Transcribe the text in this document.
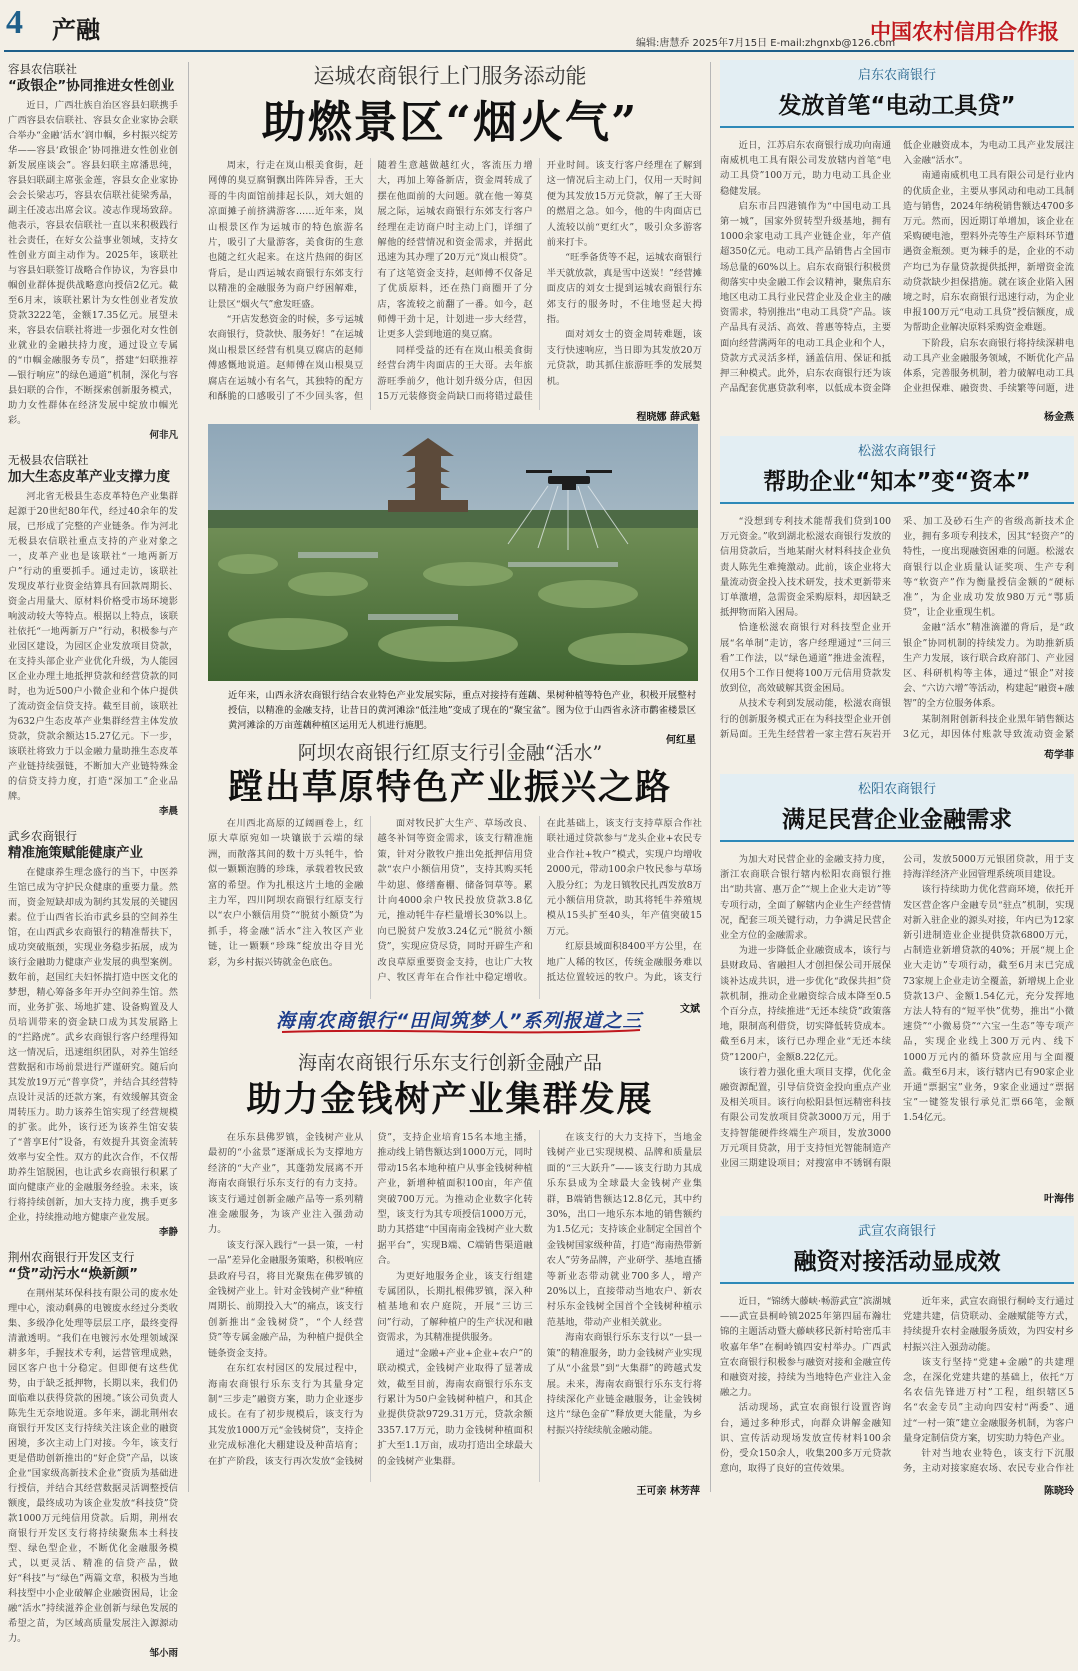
4 产融	编辑:唐慧乔 2025年7月15日 E-mail:zhgnxb@126.com
中国农村信用合作报

容县农信联社

“政银企”协同推进女性创业

近日，广西壮族自治区容县妇联携手广西容县农信联社、容县女企业家协会联合举办“金融‘活水’润巾帼，乡村振兴绽芳华——容县‘政银企’协同推进女性创业创新发展座谈会”。容县妇联主席潘思纯，容县妇联副主席张金莲，容县女企业家协会会长梁志巧，容县农信联社徒梁秀晶，副主任凌志出席会议。凌志作现场致辞。他表示，容县农信联社一直以来积极践行社会责任，在好女公益事业领域，支持女性创业方面主动作为。2025年，该联社与容县妇联签订战略合作协议，为容县巾帼创业群体提供战略意向授信2亿元。截至6月末，该联社累计为女性创业者发放贷款3222笔，金额17.35亿元。展望未来，容县农信联社将进一步强化对女性创业就业的金融扶持力度，通过设立专属的“巾帼金融服务专员”，搭建“妇联推荐—银行响应”的绿色通道”机制，深化与容县妇联的合作，不断探索创新服务模式，助力女性群体在经济发展中绽放巾帼光彩。

何非凡

无极县农信联社

加大生态皮革产业支撑力度

河北省无极县生态皮革特色产业集群起源于20世纪80年代，经过40余年的发展，已形成了完整的产业链条。作为河北无极县农信联社重点支持的产业对象之一，皮革产业也是该联社“一地两新万户”行动的重要抓手。通过走访，该联社发现皮革行业资金结算具有回款周期长、资金占用量大、原材料价格受市场环境影响波动较大等特点。根据以上特点，该联社依托“一地两新万户”行动，积极参与产业园区建设，为园区企业发放项目贷款，在支持头部企业产业优化升级，为人能园区企业办理土地抵押贷款和经营贷款的同时，也为近500户小微企业和个体户提供了流动资金信贷支持。截至目前，该联社为632户生态皮革产业集群经营主体发放贷款，贷款余额达15.27亿元。下一步，该联社将致力于以金融力量助推生态皮革产业链持续强链，不断加大产业链特殊金的信贷支持力度，打造“深加工”企业品牌。

李晨

武乡农商银行

精准施策赋能健康产业

在健康养生理念盛行的当下，中医养生馆已成为守护民众健康的重要力量。然而，资金短缺却成为制约其发展的关键因素。位于山西省长治市武乡县的空间养生馆，在山西武乡农商银行的精准帮扶下，成功突破瓶颈，实现业务稳步拓展，成为该行金融助力健康产业发展的典型案例。数年前，赵国红夫妇怀揣打造中医文化的梦想，精心筹备多年开办空间养生馆。然而，业务扩张、场地扩建、设备购置及人员培训带来的资金缺口成为其发展路上的“拦路虎”。武乡农商银行客户经理得知这一情况后，迅速组织团队，对养生馆经营数据和市场前景进行严谨研究。随后向其发放19万元“普享贷”，并结合其经营特点设计灵活的还款方案，有效缓解其资金周转压力。助力该养生馆实现了经营规模的扩张。此外，该行还为该养生馆安装了“普享E付”设备，有效提升其资金流转效率与安全性。双方的此次合作，不仅帮助养生馆脱困，也让武乡农商银行积累了面向健康产业的金融服务经验。未来，该行将持续创新，加大支持力度，携手更多企业，持续推动地方健康产业发展。

李静

荆州农商银行开发区支行

“贷”动污水“焕新颜”

在荆州某环保科技有限公司的废水处理中心，滚动剩鼻的电镀废水经过分类收集、多级净化处理等层层工序，最终变得清澈透明。“我们在电镀污水处理领域深耕多年，手握技术专利，运营管理成熟，园区客户也十分稳定。但即便有这些优势，由于缺乏抵押物，长期以来，我们仍面临难以获得贷款的困境。”该公司负责人陈先生无奈地说道。多年来，湖北荆州农商银行开发区支行持续关注该企业的融资困境，多次主动上门对接。今年，该支行更是借助创新推出的“好企贷”产品，以该企业“国家级高新技术企业”资质为基础进行授信，并结合其经营数据灵活调整授信额度，最终成功为该企业发放“科技贷”贷款1000万元纯信用贷款。后期，荆州农商银行开发区支行将持续聚焦本土科技型、绿色型企业，不断优化金融服务模式，以更灵活、精准的信贷产品，做好“科技”与“绿色”两篇文章，积极为当地科技型中小企业破解企业融资困局，让金融“活水”持续滋养企业创新与绿色发展的希望之苗，为区域高质量发展注入源源动力。

邹小雨

运城农商银行上门服务添动能
助燃景区“烟火气”

周末，行走在岚山根美食街，赶网傅的臭豆腐铜飘出阵阵异香，王大哥的牛肉面馆前排起长队，刘大姐的凉面摊子前挤满游客……近年来，岚山根景区作为运城市的特色旅游名片，吸引了大量游客，美食街的生意也随之红火起来。在这片热闹的街区背后，是山西运城农商银行东郊支行以精准的金融服务为商户纾困解难，让景区“烟火气”愈发旺盛。

“开店发愁资金的时候，多亏运城农商银行，贷款快、服务好！”在运城岚山根景区经营有机臭豆腐店的赵师傅感慨地说道。赵师傅在岚山根臭豆腐店在运城小有名气，其独特的配方和酥脆的口感吸引了不少回头客，但随着生意越做越红火，客流压力增大，再加上筹备新店，资金周转成了摆在他面前的大问题。就在他一筹莫展之际，运城农商银行东郊支行客户经理在走访商户时主动上门，详细了解他的经营情况和资金需求，并据此迅速为其办理了20万元“岚山根贷”。有了这笔资金支持，赵师傅不仅备足了优质原料，还在热门商圈开了分店，客流较之前翻了一番。如今，赵师傅干劲十足，计划进一步大经营，让更多人尝到地道的臭豆腐。

同样受益的还有在岚山根美食街经营台湾牛肉面店的王大哥。去年旅游旺季前夕，他计划升级分店，但因15万元装修资金尚缺口而将错过最佳开业时间。该支行客户经理在了解到这一情况后主动上门，仅用一天时间便为其发放15万元贷款，解了王大哥的燃眉之急。如今，他的牛肉面店已人流较以前“更红火”，吸引众多游客前来打卡。

“旺季备货等不起，运城农商银行半天就放款，真是雪中送炭！”经营摊面皮店的刘女士提到运城农商银行东郊支行的服务时，不住地竖起大拇指。

面对刘女士的资金周转难题，该支行快速响应，当日即为其发放20万元贷款，助其抓住旅游旺季的发展契机。

程晓娜 薛武魁
近年来，山西永济农商银行结合农业特色产业发展实际，重点对接持有莲藕、果树种植等特色产业，积极开展整村授信，以精准的金融支持，让昔日的黄河滩涂“低洼地”变成了现在的“聚宝盆”。图为位于山西省永济市鹳雀楼景区黄河滩涂的万亩莲藕种植区运用无人机进行施肥。
何红星
阿坝农商银行红原支行引金融“活水”
蹚出草原特色产业振兴之路

在川西北高原的辽阔画卷上，红原大草原宛如一块镶嵌于云端的绿洲，而散落其间的数十万头牦牛，恰似一颗颗泡腾的珍珠，承载着牧民致富的希望。作为扎根这片土地的金融主力军，四川阿坝农商银行红原支行以“农户小额信用贷”“脱贫小额贷”为抓手，将金融“活水”注入牧区产业链，让一颗颗“珍珠”绽放出夺目光彩，为乡村振兴铸就金色底色。

面对牧民扩大生产、草场改良、越冬补饲等资金需求，该支行精准施策，针对分散牧户推出免抵押信用贷款“农户小额信用贷”，支持其购买牦牛幼崽、修缮畜棚、储备饲草等。累计向4000余户牧民投放贷款3.8亿元，推动牦牛存栏量增长30%以上。向已脱贫户发放3.24亿元“脱贫小额贷”，实现应贷尽贷，同时开辟生产和改良草原重要资金支持，也让广大牧户、牧区青年在合作社中稳定增收。在此基础上，该支行支持草原合作社联社通过贷款参与“龙头企业+农民专业合作社+牧户”模式，实现户均增收2000元，带动100余户牧民参与草场入股分红；为龙日镇牧民扎西发放8万元小额信用贷款，助其将牦牛养殖规模从15头扩至40头，年产值突破15万元。

红原县域面积8400平方公里，在地广人稀的牧区，传统金融服务难以抵达位置较远的牧户。为此，该支行

文斌
海南农商银行“田间筑梦人”系列报道之三
海南农商银行乐东支行创新金融产品
助力金钱树产业集群发展

在乐东县佛罗镇，金钱树产业从最初的“小盆景”逐渐成长为支撑地方经济的“大产业”，其蓬勃发展离不开海南农商银行乐东支行的有力支持。该支行通过创新金融产品等一系列精准金融服务，为该产业注入强劲动力。

该支行深入践行“一县一策，一村一品”差异化金融服务策略，积极响应县政府号召，将目光聚焦在佛罗镇的金钱树产业上。针对金钱树产业“种植周期长、前期投入大”的痛点，该支行创新推出“金钱树贷”，“个人经营贷”等专属金融产品，为种植户提供全链条资金支持。

在东红农村园区的发展过程中，海南农商银行乐东支行为其量身定制“三步走”融资方案，助力企业逐步成长。在有了初步规模后，该支行为其发放1000万元“金钱树贷”，支持企业完成标准化大棚建设及种苗培育；在扩产阶段，该支行再次发放“金钱树贷”，支持企业培育15名本地主播，推动线上销售额达到1000万元，同时带动15名本地种植户从事金钱树种植产业，新增种植面积100亩，年产值突破700万元。为推动企业数字化转型，该支行为其专项授信1000万元，助力其搭建“中国南南金钱树产业大数据平台”，实现B端、C端销售渠道融合。

为更好地服务企业，该支行组建专属团队，长期扎根佛罗镇，深入种植基地和农户庭院，开展“三访三问”行动，了解种植户的生产状况和融资需求，为其精准提供服务。

通过“金融+产业+企业+农户”的联动模式，金钱树产业取得了显著成效，截至目前，海南农商银行乐东支行累计为50户金钱树种植户，和其企业提供贷款9729.31万元，贷款余额3357.17万元，助力金钱树种植面积扩大至1.1万亩，成功打造出全球最大的金钱树产业集群。

在该支行的大力支持下，当地金钱树产业已实现规模、品牌和质量层面的“三大跃升”——该支行助力其成乐东县成为全球最大金钱树产业集群，B端销售额达12.8亿元，其中约30%，出口一地乐东本地的销售额约为1.5亿元；支持该企业制定全国首个金钱树国家级种苗，打造“海南热带新农人”劳务品牌，产业研学、基地直播等新业态带动就业700多人，增产20%以上，直接带动当地农户、新农村乐东金钱树全国首个全钱树种植示范基地，带动产业相关就业。

海南农商银行乐东支行以“一县一策”的精准服务，助力金钱树产业实现了从“小盆景”到“大集群”的跨越式发展。未来，海南农商银行乐东支行将持续深化产业链金融服务，让金钱树这片“绿色金矿”释放更大能量，为乡村振兴持续续航金融动能。

王可亲 林芳萍
启东农商银行
发放首笔“电动工具贷”

近日，江苏启东农商银行成功向南通南威机电工具有限公司发放辖内首笔“电动工具贷”100万元，助力电动工具企业稳健发展。

启东市吕四港镇作为“中国电动工具第一城”，国家外贸转型升级基地，拥有1000余家电动工具产业链企业，年产值超350亿元。电动工具产品销售占全国市场总量的60%以上。启东农商银行积极贯彻落实中央金融工作会议精神，聚焦启东地区电动工具行业民营企业及企业主的融资需求，特别推出“电动工具贷”产品。该产品具有灵活、高效、普惠等特点，主要面向经营满两年的电动工具企业和个人，贷款方式灵活多样，涵盖信用、保证和抵押三种模式。此外，启东农商银行还为该产品配套优惠贷款利率，以低成本资金降低企业融资成本，为电动工具产业发展注入金融“活水”。

南通南威机电工具有限公司是行业内的优质企业，主要从事风动和电动工具制造与销售，2024年纳税销售额达4700多万元。然而，因近期订单增加，该企业在采购硬电池，塑料外壳等生产原料环节遭遇资金瓶颈。更为棘手的是，企业的不动产均已为存量贷款提供抵押，新增资金流动贷款缺少担保措施。就在该企业陷入困境之时，启东农商银行迅速行动，为企业申报100万元“电动工具贷”授信额度，成为帮助企业解决原料采购资金难题。

下阶段，启东农商银行将持续深耕电动工具产业金融服务领域，不断优化产品体系，完善服务机制，着力破解电动工具企业担保难、融资贵、手续繁等问题，进

杨金燕
松滋农商银行
帮助企业“知本”变“资本”

“没想到专利技术能帮我们贷到100万元资金。”收到湖北松滋农商银行发放的信用贷款后，当地某耐火材料科技企业负责人陈先生难掩激动。此前，该企业将大量流动资金投入技术研发，技术更新带来订单激增，急需资金采购原料，却因缺乏抵押物而陷入困局。

恰逢松滋农商银行对科技型企业开展“名单制”走访，客户经理通过“三问三看”工作法，以“绿色通道”推进金流程，仅用5个工作日便将100万元信用贷款发放到位，高效破解其资金困局。

从技术专利到发展动能，松滋农商银行的创新服务模式正在为科技型企业开创新局面。王先生经营着一家主营石灰岩开采、加工及砂石生产的省级高新技术企业，拥有多项专利技术，因其“轻资产”的特性，一度出现融资困难的问题。松滋农商银行以企业质量认证奖项、生产专利等“软资产”作为衡量授信金额的“硬标准”，为企业成功发放980万元“鄂质贷”，让企业重现生机。

金融“活水”精准滴灌的背后，是“政银企”协同机制的持续发力。为助推新质生产力发展，该行联合政府部门、产业园区、科研机构等主体，通过“银企”对接会、“六访六增”等活动，构建起“融资+融智”的全方位服务体系。

某制剂附创新科技企业黑年销售额达3亿元，却因体付账款导致流动资金紧

苟学菲
松阳农商银行
满足民营企业金融需求

为加大对民营企业的金融支持力度，浙江农商联合银行辖内松阳农商银行推出“助共富、惠万企”“规上企业大走访”等专项行动，全面了解辖内企业生产经营情况，配套三项关键行动，力争满足民营企业全方位的金融需求。

为进一步降低企业融资成本，该行与县财政局、省融担人才创担保公司开展保谈补达成共识，进一步优化“政保共担”贷款机制，推动企业融资综合成本降至0.5个百分点，持续推进“无还本续贷”政策落地，限制高利借贷，切实降低转贷成本。截至6月末，该行已办理企业“无还本续贷”1200户，金额8.22亿元。

该行着力强化重大项目支撑，优化金融资源配置，引导信贷资金投向重点产业及相关项目。该行向松阳县恒远精密科技有限公司发放项目贷款3000万元，用于支持智能硬件终端生产项目，发放3000万元项目贷款，用于支持恒光智能制造产业园三期建设项目；对搜富申不锈钢有限公司，发放5000万元银团贷款，用于支持海洋经济产业园管理系统项目建设。

该行持续助力优化营商环境，依托开发区营企客户金融专员“驻点”机制，实现对新入驻企业的源头对接，年内已为12家新引进制造业企业提供贷款6800万元，占制造业新增贷款的40%；开展“规上企业大走访”专项行动，截至6月末已完成73家规上企业走访全覆盖，新增规上企业贷款13户、金额1.54亿元，充分发挥地方法人特有的“短平快”优势，推出“小微速贷”“小微易贷”“六宝一生态”等专项产品，实现企业线上300万元内、线下1000万元内的循环贷款应用与全面覆盖。截至6月末，该行辖内已有90家企业开通“票据宝”业务，9家企业通过“票据宝”一键签发银行承兑汇票66笔，金额1.54亿元。

叶海伟
武宣农商银行
融资对接活动显成效

近日，“锦绣大藤峡·畅游武宣”滨湖城——武宣县桐岭镇2025年第四届布瀚壮锦的主题活动暨大藤峡移民新村哈密瓜丰收嘉年华”在桐岭镇四安村举办。广西武宣农商银行积极参与融资对接和金融宣传和融资对接，持续为当地特色产业注入金融之力。

活动现场，武宣农商银行设置咨询台，通过多种形式，向群众讲解金融知识、宣传活动现场发放宣传材料100余份，受众150余人，收集200多万元贷款意向，取得了良好的宣传效果。

近年来，武宣农商银行桐岭支行通过党建共建，信贷联动、金融赋能等方式，持续提升农村金融服务质效，为四安村乡村振兴注入强劲动能。

该支行坚持“党建+金融”的共建理念，在深化党建共建的基础上，依托“万名农信先锋进万村”工程，组织辖区5名“农金专员”主动向四安村“两委”、通过“一村一策”建立金融服务机制，为客户量身定制信贷方案，切实助力特色产业。

针对当地农业特色，该支行下沉服务，主动对接家庭农场、农民专业合作社

陈晓玲
